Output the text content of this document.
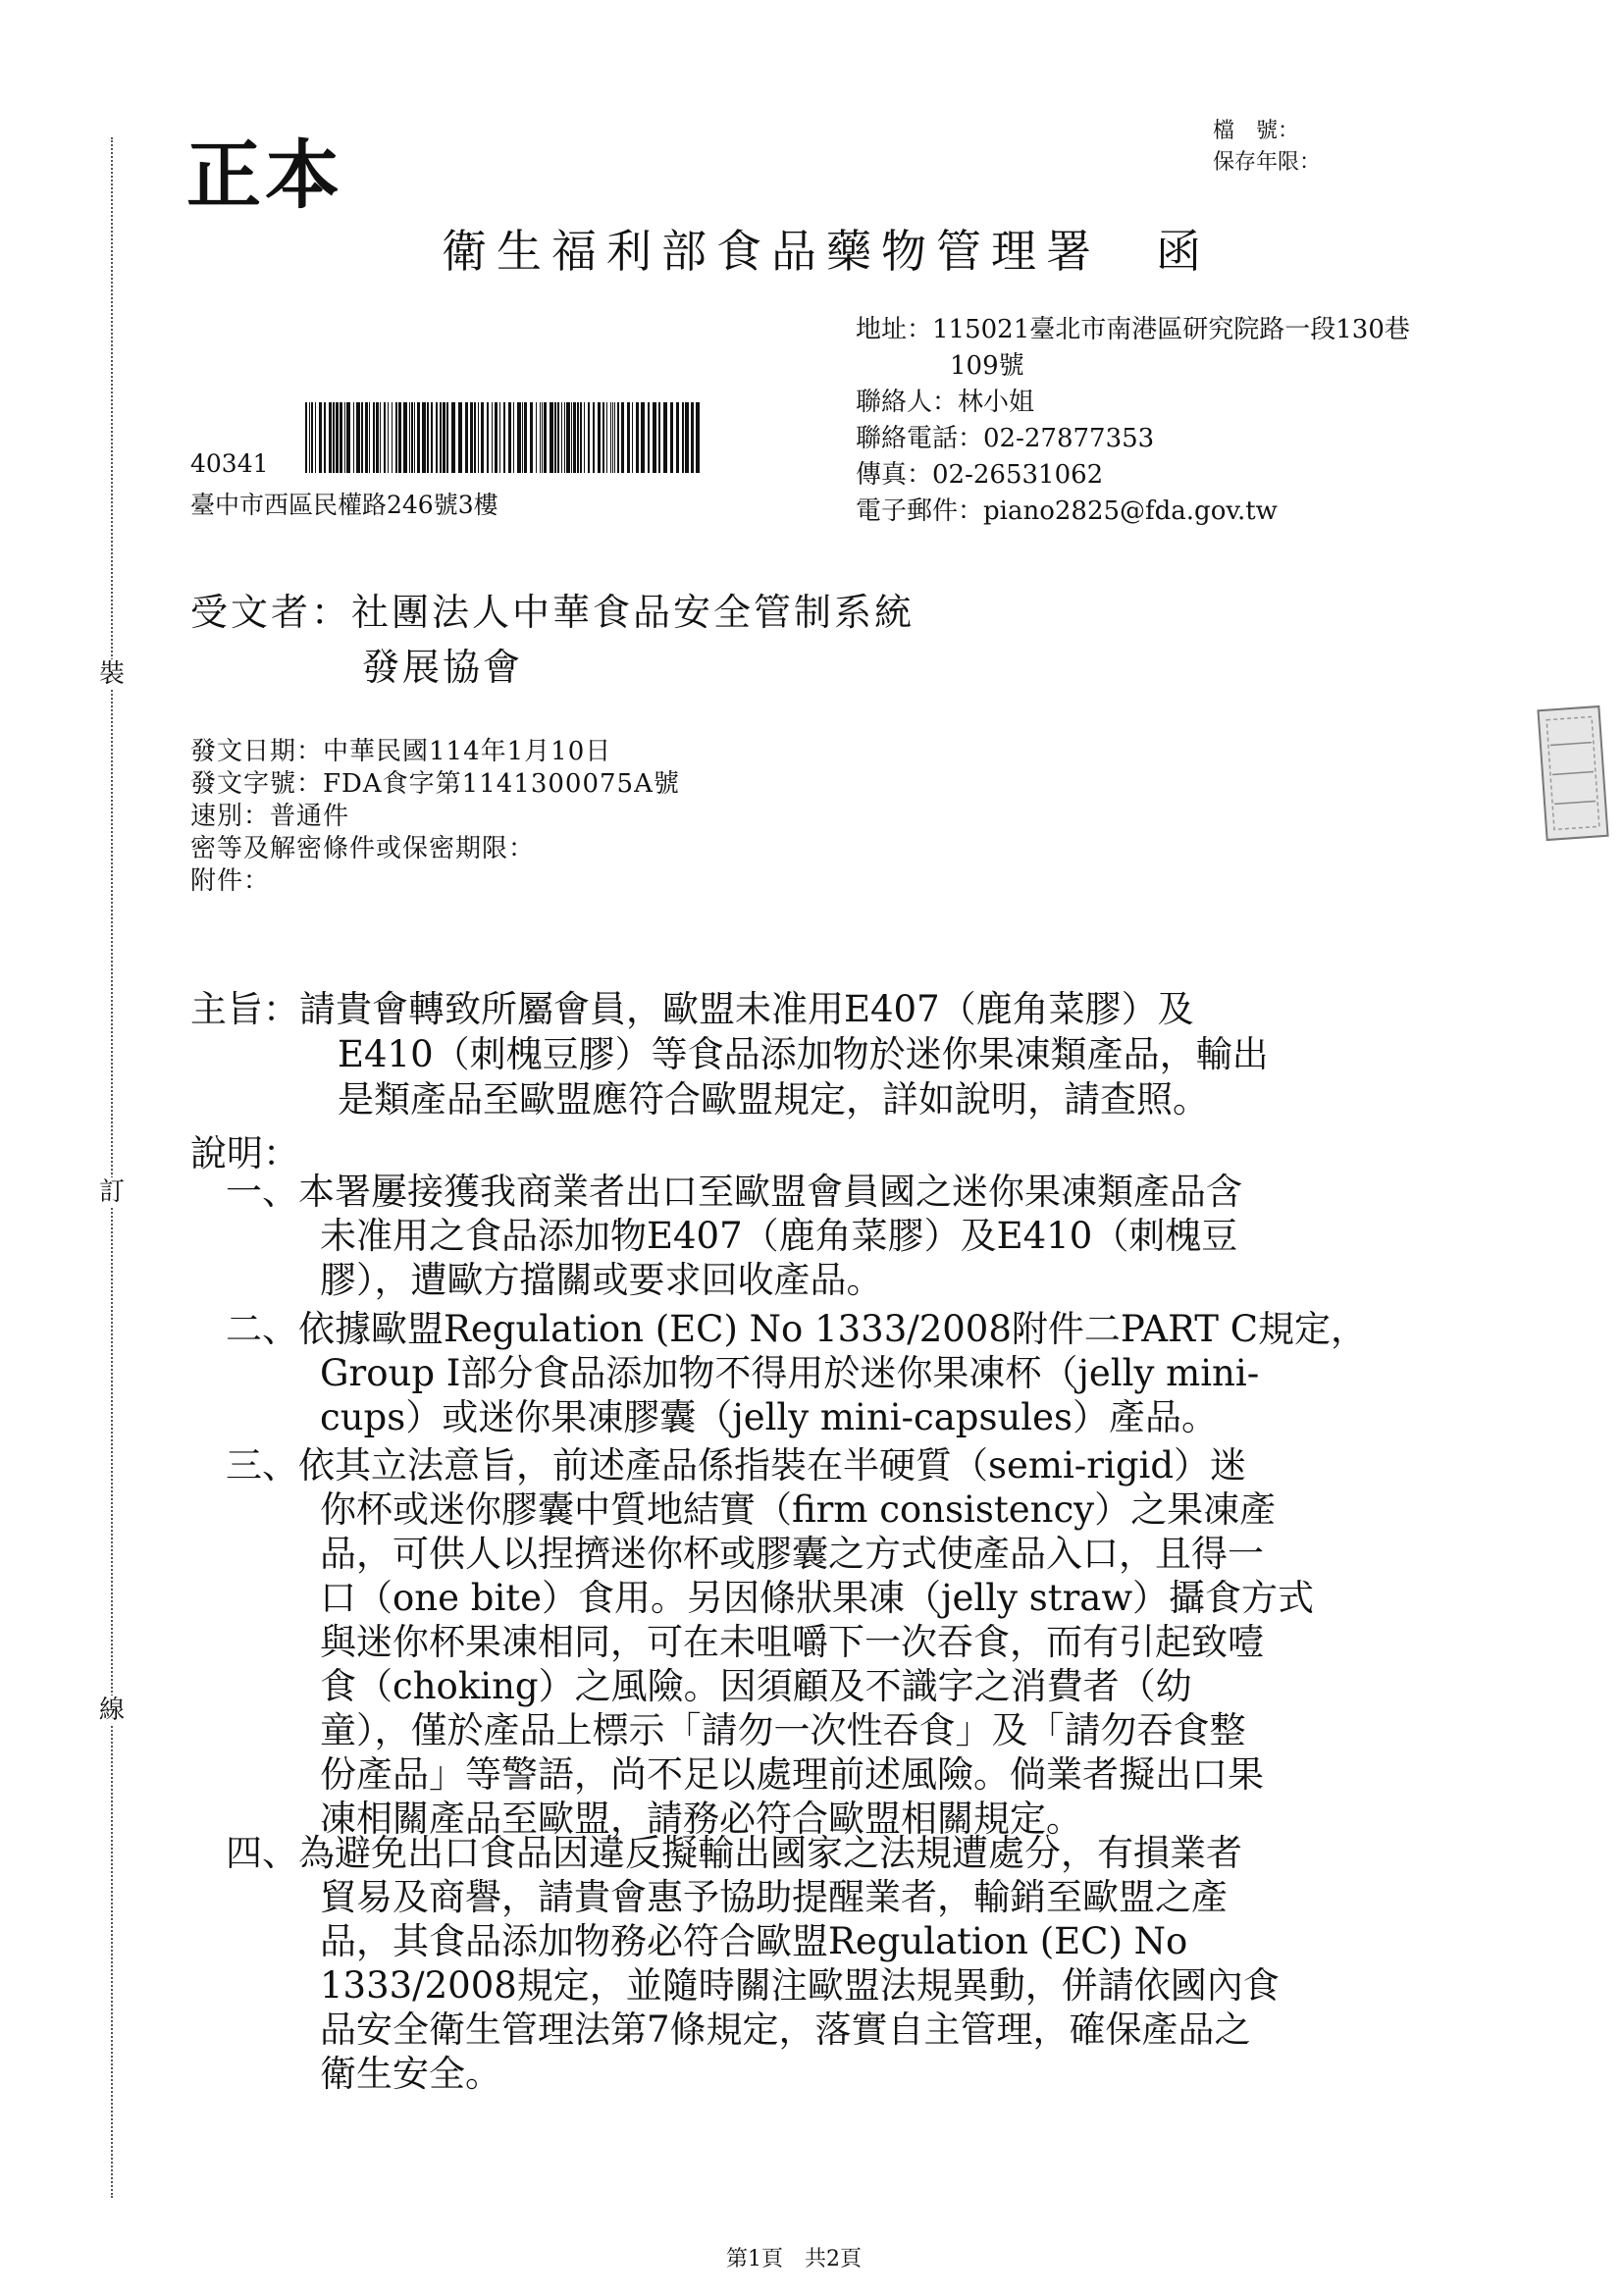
裝
訂
線
正本
檔　號：
保存年限：
衛生福利部食品藥物管理署　函
地址：115021臺北市南港區研究院路一段130巷
109號
聯絡人：林小姐
聯絡電話：02-27877353
傳真：02-26531062
電子郵件：piano2825@fda.gov.tw
40341
臺中市西區民權路246號3樓
受文者：社團法人中華食品安全管制系統
發展協會
發文日期：中華民國114年1月10日
發文字號：FDA食字第1141300075A號
速別：普通件
密等及解密條件或保密期限：
附件：
主旨：請貴會轉致所屬會員，歐盟未准用E407（鹿角菜膠）及
E410（刺槐豆膠）等食品添加物於迷你果凍類產品，輸出
是類產品至歐盟應符合歐盟規定，詳如說明，請查照。
說明：
一、本署屢接獲我商業者出口至歐盟會員國之迷你果凍類產品含
未准用之食品添加物E407（鹿角菜膠）及E410（刺槐豆
膠），遭歐方擋關或要求回收產品。
二、依據歐盟Regulation (EC) No 1333/2008附件二PART C規定，
Group I部分食品添加物不得用於迷你果凍杯（jelly mini-
cups）或迷你果凍膠囊（jelly mini-capsules）產品。
三、依其立法意旨，前述產品係指裝在半硬質（semi-rigid）迷
你杯或迷你膠囊中質地結實（firm consistency）之果凍產
品，可供人以捏擠迷你杯或膠囊之方式使產品入口，且得一
口（one bite）食用。另因條狀果凍（jelly straw）攝食方式
與迷你杯果凍相同，可在未咀嚼下一次吞食，而有引起致噎
食（choking）之風險。因須顧及不識字之消費者（幼
童），僅於產品上標示「請勿一次性吞食」及「請勿吞食整
份產品」等警語，尚不足以處理前述風險。倘業者擬出口果
凍相關產品至歐盟，請務必符合歐盟相關規定。
四、為避免出口食品因違反擬輸出國家之法規遭處分，有損業者
貿易及商譽，請貴會惠予協助提醒業者，輸銷至歐盟之產
品，其食品添加物務必符合歐盟Regulation (EC) No
1333/2008規定，並隨時關注歐盟法規異動，併請依國內食
品安全衛生管理法第7條規定，落實自主管理，確保產品之
衛生安全。
第1頁　共2頁
